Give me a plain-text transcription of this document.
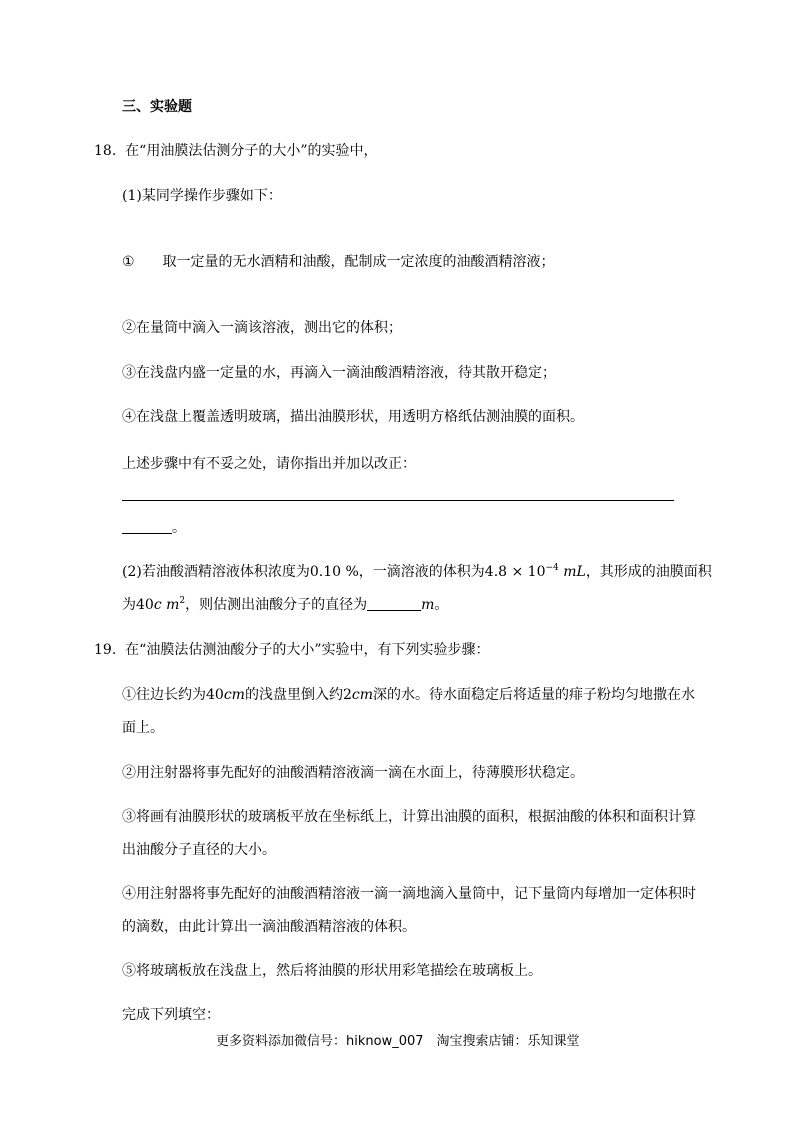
三、实验题
18. 在“用油膜法估测分子的大小”的实验中，
(1)某同学操作步骤如下：
① 取一定量的无水酒精和油酸，配制成一定浓度的油酸酒精溶液；
②在量筒中滴入一滴该溶液，测出它的体积；
③在浅盘内盛一定量的水，再滴入一滴油酸酒精溶液，待其散开稳定；
④在浅盘上覆盖透明玻璃，描出油膜形状，用透明方格纸估测油膜的面积。
上述步骤中有不妥之处，请你指出并加以改正：
。
(2)若油酸酒精溶液体积浓度为0.10 %，一滴溶液的体积为$4.8 \times 10^{-4}$ mL，其形成的油膜面积
为40c $m^2$，则估测出油酸分子的直径为	m。
19. 在“油膜法估测油酸分子的大小”实验中，有下列实验步骤：
①往边长约为40cm的浅盘里倒入约2cm深的水。待水面稳定后将适量的痱子粉均匀地撒在水
面上。
②用注射器将事先配好的油酸酒精溶液滴一滴在水面上，待薄膜形状稳定。
③将画有油膜形状的玻璃板平放在坐标纸上，计算出油膜的面积，根据油酸的体积和面积计算
出油酸分子直径的大小。
④用注射器将事先配好的油酸酒精溶液一滴一滴地滴入量筒中，记下量筒内每增加一定体积时
的滴数，由此计算出一滴油酸酒精溶液的体积。
⑤将玻璃板放在浅盘上，然后将油膜的形状用彩笔描绘在玻璃板上。
完成下列填空：
更多资料添加微信号：hiknow_007　淘宝搜索店铺：乐知课堂
